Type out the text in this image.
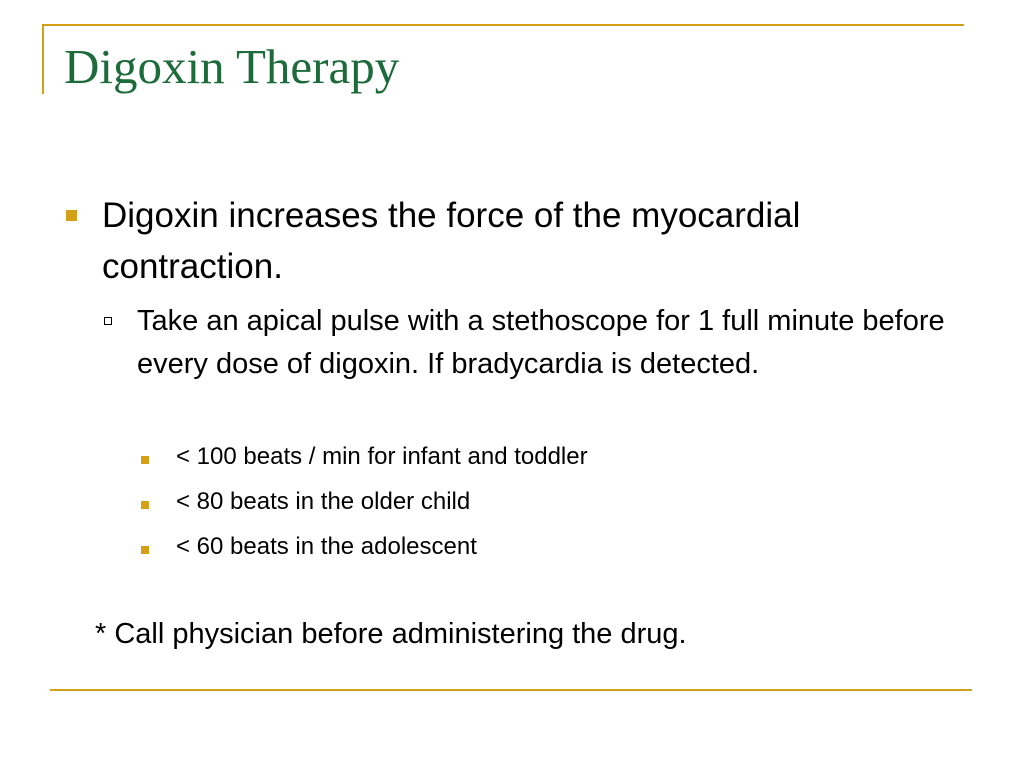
Digoxin Therapy

Digoxin increases the force of the myocardial contraction.

Take an apical pulse with a stethoscope for 1 full minute before every dose of digoxin. If bradycardia is detected.

< 100 beats / min for infant and toddler

< 80 beats in the older child

< 60 beats in the adolescent

* Call physician before administering the drug.
